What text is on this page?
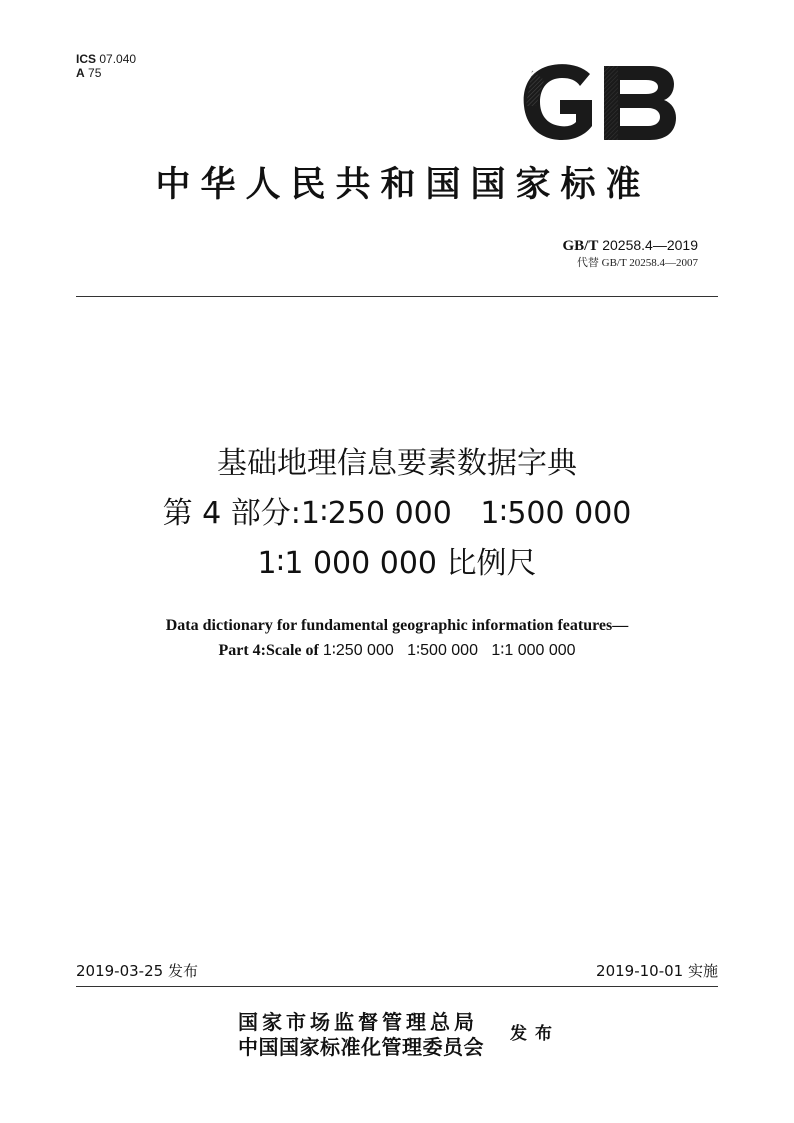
ICS 07.040
A 75
中华人民共和国国家标准
GB/T 20258.4—2019
代替 GB/T 20258.4—2007
基础地理信息要素数据字典
第 4 部分:1∶250 000   1∶500 000
1∶1 000 000 比例尺
Data dictionary for fundamental geographic information features—
Part 4:Scale of 1∶250 000   1∶500 000   1∶1 000 000
2019-03-25 发布	2019-10-01 实施
国家市场监督管理总局
中国国家标准化管理委员会
发布
